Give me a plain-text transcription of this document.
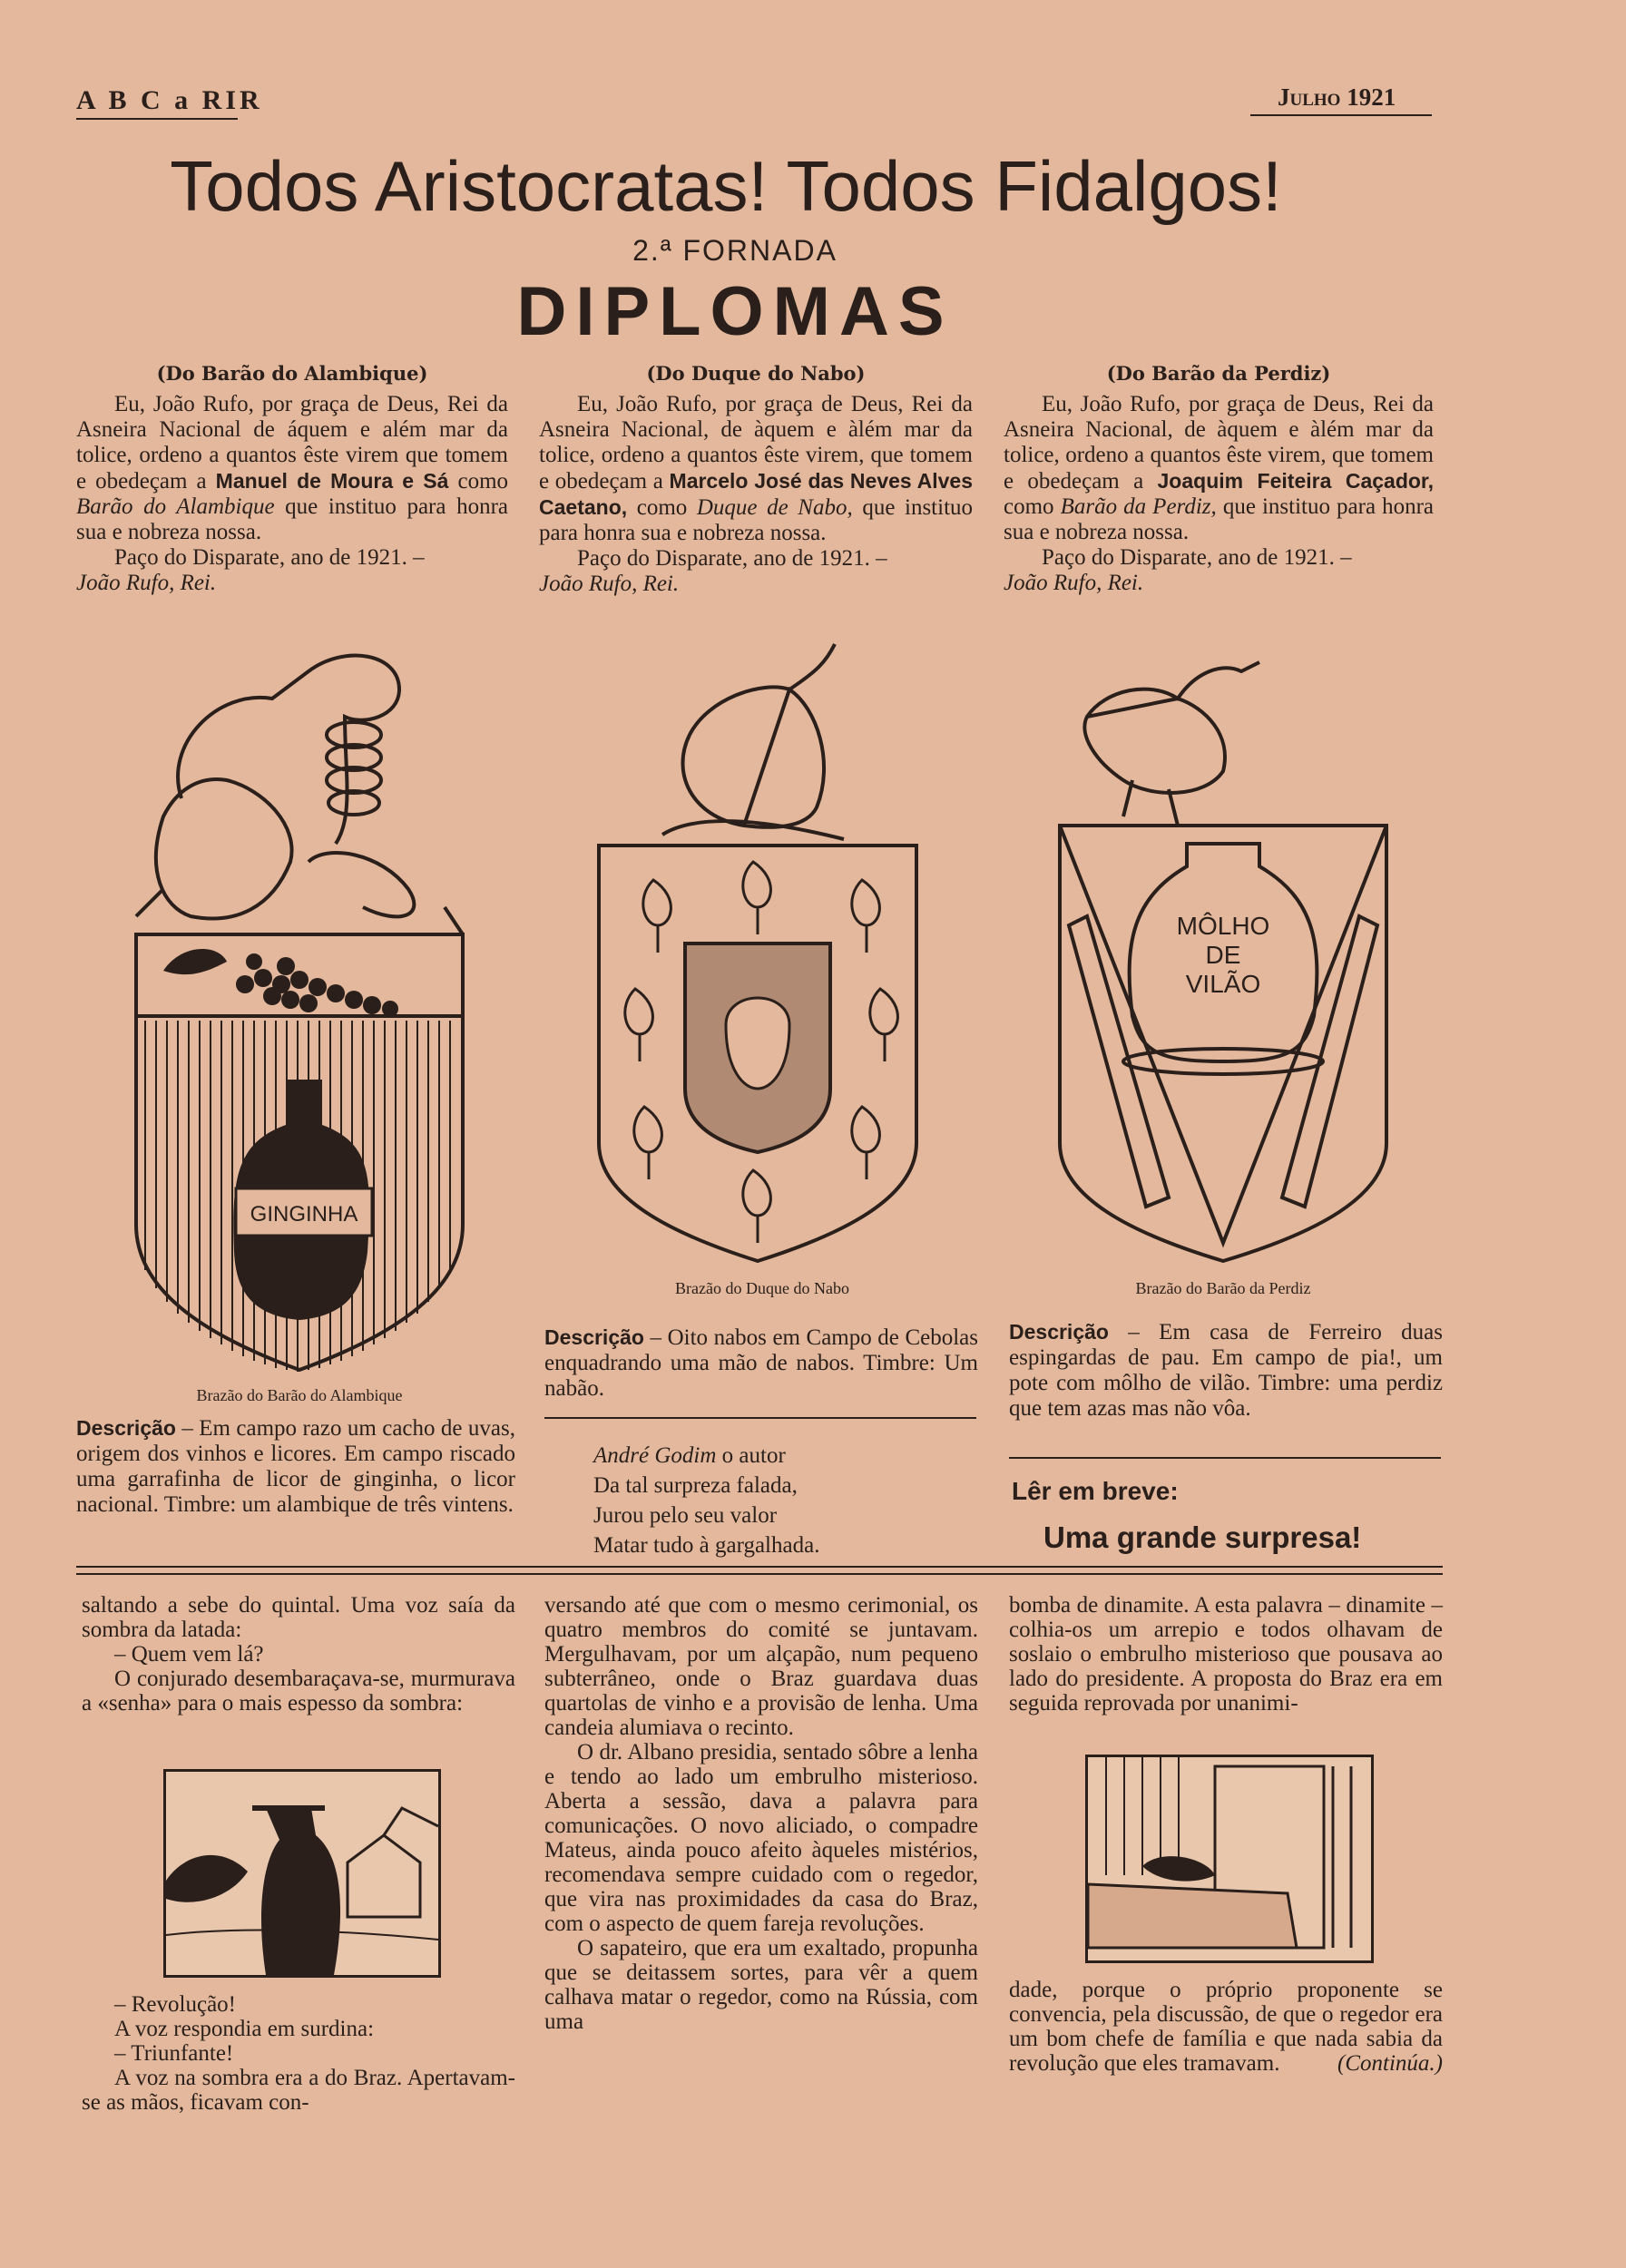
A B C a RIR	Julho 1921
Todos Aristocratas! Todos Fidalgos!
2.ª FORNADA
DIPLOMAS
(Do Barão do Alambique)

Eu, João Rufo, por graça de Deus, Rei da Asneira Nacional de áquem e além mar da tolice, ordeno a quantos êste virem que tomem e obedeçam a Manuel de Moura e Sá como Barão do Alambique que instituo para honra sua e nobreza nossa.

Paço do Disparate, ano de 1921. –

João Rufo, Rei.

(Do Duque do Nabo)

Eu, João Rufo, por graça de Deus, Rei da Asneira Nacional, de àquem e àlém mar da tolice, ordeno a quantos êste virem, que tomem e obedeçam a Marcelo José das Neves Alves Caetano, como Duque de Nabo, que instituo para honra sua e nobreza nossa.

Paço do Disparate, ano de 1921. –

João Rufo, Rei.

(Do Barão da Perdiz)

Eu, João Rufo, por graça de Deus, Rei da Asneira Nacional, de àquem e àlém mar da tolice, ordeno a quantos êste virem, que tomem e obedeçam a Joaquim Feiteira Caçador, como Barão da Perdiz, que instituo para honra sua e nobreza nossa.

Paço do Disparate, ano de 1921. –

João Rufo, Rei.

GINGINHA
Brazão do Barão do Alambique
Brazão do Duque do Nabo
MÔLHO
DE
VILÃO
Brazão do Barão da Perdiz
Descrição – Em campo razo um cacho de uvas, origem dos vinhos e licores. Em campo riscado uma garrafinha de licor de ginginha, o licor nacional. Timbre: um alambique de três vintens.
Descrição – Oito nabos em Campo de Cebolas enquadrando uma mão de nabos. Timbre: Um nabão.
Descrição – Em casa de Ferreiro duas espingardas de pau. Em campo de pia!, um pote com môlho de vilão. Timbre: uma perdiz que tem azas mas não vôa.
André Godim o autor
Da tal surpreza falada,
Jurou pelo seu valor
Matar tudo à gargalhada.
Lêr em breve:
Uma grande surpresa!

saltando a sebe do quintal. Uma voz saía da sombra da latada:

– Quem vem lá?

O conjurado desembaraçava-se, murmurava a «senha» para o mais espesso da sombra:

– Revolução!

A voz respondia em surdina:

– Triunfante!

A voz na sombra era a do Braz. Apertavam-se as mãos, ficavam con-

versando até que com o mesmo cerimonial, os quatro membros do comité se juntavam. Mergulhavam, por um alçapão, num pequeno subterrâneo, onde o Braz guardava duas quartolas de vinho e a provisão de lenha. Uma candeia alumiava o recinto.

O dr. Albano presidia, sentado sôbre a lenha e tendo ao lado um embrulho misterioso. Aberta a sessão, dava a palavra para comunicações. O novo aliciado, o compadre Mateus, ainda pouco afeito àqueles mistérios, recomendava sempre cuidado com o regedor, que vira nas proximidades da casa do Braz, com o aspecto de quem fareja revoluções.

O sapateiro, que era um exaltado, propunha que se deitassem sortes, para vêr a quem calhava matar o regedor, como na Rússia, com uma

bomba de dinamite. A esta palavra – dinamite – colhia-os um arrepio e todos olhavam de soslaio o embrulho misterioso que pousava ao lado do presidente. A proposta do Braz era em seguida reprovada por unanimi-

dade, porque o próprio proponente se convencia, pela discussão, de que o regedor era um bom chefe de família e que nada sabia da revolução que eles tramavam.	(Continúa.)
